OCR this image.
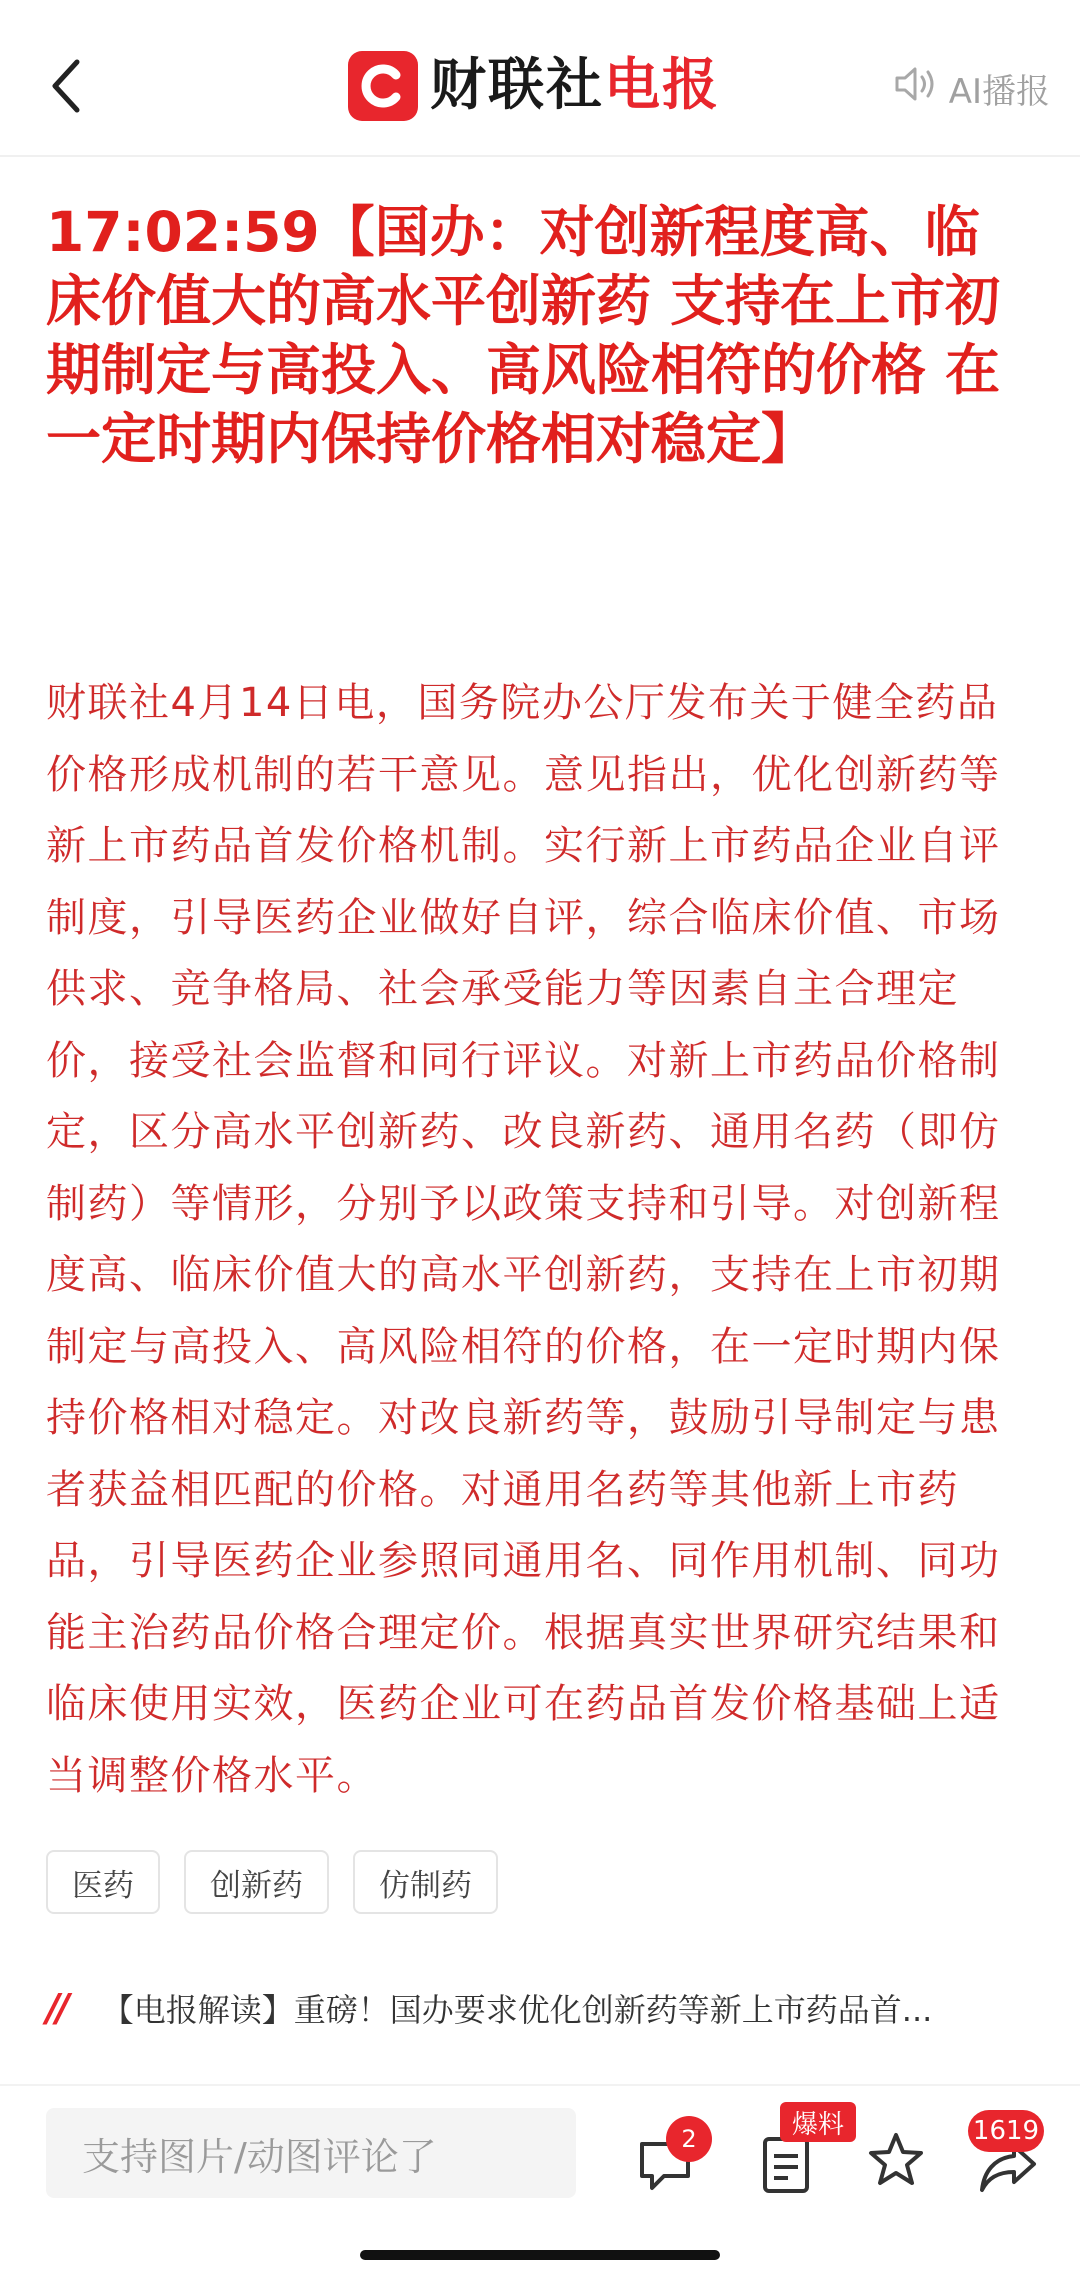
财联社电报	AI播报
17:02:59【国办：对创新程度高、临床价值大的高水平创新药 支持在上市初期制定与高投入、高风险相符的价格 在一定时期内保持价格相对稳定】

财联社4月14日电，国务院办公厅发布关于健全药品价格形成机制的若干意见。意见指出，优化创新药等新上市药品首发价格机制。实行新上市药品企业自评制度，引导医药企业做好自评，综合临床价值、市场供求、竞争格局、社会承受能力等因素自主合理定价，接受社会监督和同行评议。对新上市药品价格制定，区分高水平创新药、改良新药、通用名药（即仿制药）等情形，分别予以政策支持和引导。对创新程度高、临床价值大的高水平创新药，支持在上市初期制定与高投入、高风险相符的价格，在一定时期内保持价格相对稳定。对改良新药等，鼓励引导制定与患者获益相匹配的价格。对通用名药等其他新上市药品，引导医药企业参照同通用名、同作用机制、同功能主治药品价格合理定价。根据真实世界研究结果和临床使用实效，医药企业可在药品首发价格基础上适当调整价格水平。

医药	创新药	仿制药
// 【电报解读】重磅！国办要求优化创新药等新上市药品首...
支持图片/动图评论了	2	爆料	1619
